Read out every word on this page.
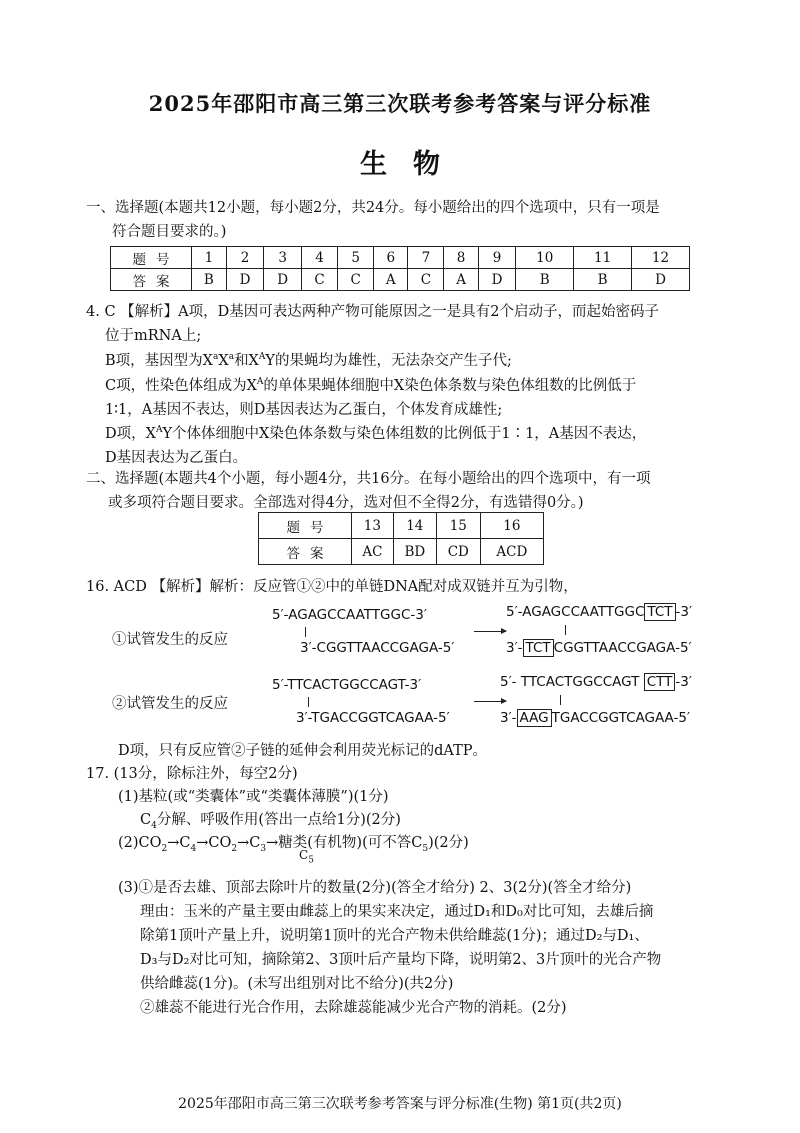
2025年邵阳市高三第三次联考参考答案与评分标准
生物
一、选择题(本题共12小题，每小题2分，共24分。每小题给出的四个选项中，只有一项是
符合题目要求的。)
题号	1	2	3	4	5	6	7	8	9	10	11	12
答案	B	D	D	C	C	A	C	A	D	B	B	D
4. C 【解析】A项，D基因可表达两种产物可能原因之一是具有2个启动子，而起始密码子
位于mRNA上;
B项，基因型为$X^aX^a$和$X^AY$的果蝇均为雄性，无法杂交产生子代;
C项，性染色体组成为$X^A$的单体果蝇体细胞中X染色体条数与染色体组数的比例低于
1∶1，A基因不表达，则D基因表达为乙蛋白，个体发育成雄性;
D项，$X^AY$个体体细胞中X染色体条数与染色体组数的比例低于1∶1，A基因不表达，
D基因表达为乙蛋白。
二、选择题(本题共4个小题，每小题4分，共16分。在每小题给出的四个选项中，有一项
或多项符合题目要求。全部选对得4分，选对但不全得2分，有选错得0分。)
题号	13	14	15	16
答案	AC	BD	CD	ACD
16. ACD 【解析】解析：反应管①②中的单链DNA配对成双链并互为引物，
①试管发生的反应
5′-AGAGCCAATTGGC-3′
3′-CGGTTAACCGAGA-5′
5′-AGAGCCAATTGGC TCT -3′
3′- TCT CGGTTAACCGAGA-5′
②试管发生的反应
5′-TTCACTGGCCAGT-3′
3′-TGACCGGTCAGAA-5′
5′- TTCACTGGCCAGT CTT -3′
3′- AAG TGACCGGTCAGAA-5′
D项，只有反应管②子链的延伸会利用荧光标记的dATP。
17. (13分，除标注外，每空2分)
(1)基粒(或“类囊体”或“类囊体薄膜”)(1分)
$C_4$分解、呼吸作用(答出一点给1分)(2分)
$(2)CO_2\to C_4\to CO_2\to C_3\to$糖类(有机物)(可不答$C_5)(2$分)
$C_5$
(3)①是否去雄、顶部去除叶片的数量(2分)(答全才给分) 2、3(2分)(答全才给分)
理由：玉米的产量主要由雌蕊上的果实来决定，通过D₁和D₀对比可知，去雄后摘
除第1顶叶产量上升，说明第1顶叶的光合产物未供给雌蕊(1分)；通过D₂与D₁、
D₃与D₂对比可知，摘除第2、3顶叶后产量均下降，说明第2、3片顶叶的光合产物
供给雌蕊(1分)。(未写出组别对比不给分)(共2分)
②雄蕊不能进行光合作用，去除雄蕊能减少光合产物的消耗。(2分)
2025年邵阳市高三第三次联考参考答案与评分标准(生物) 第1页(共2页)
